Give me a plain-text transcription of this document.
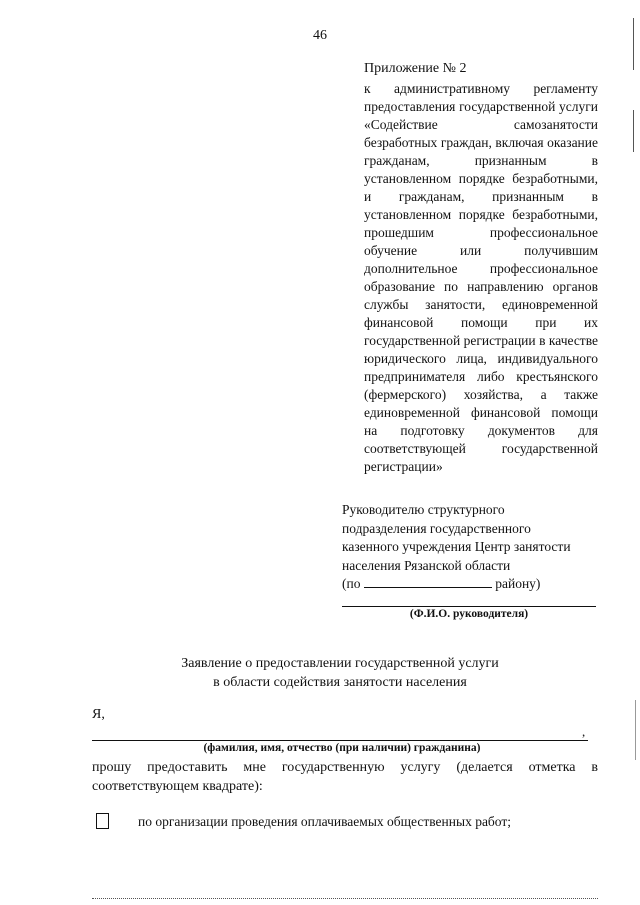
46
Приложение № 2
к административному регламенту предоставления государственной услуги «Содействие самозанятости безработных граждан, включая оказание гражданам, признанным в установленном порядке безработными, и гражданам, признанным в установленном порядке безработными, прошедшим профессиональное обучение или получившим дополнительное профессиональное образование по направлению органов службы занятости, единовременной финансовой помощи при их государственной регистрации в качестве юридического лица, индивидуального предпринимателя либо крестьянского (фермерского) хозяйства, а также единовременной финансовой помощи на подготовку документов для соответствующей государственной регистрации»
Руководителю структурного
подразделения государственного
казенного учреждения Центр занятости
населения Рязанской области
(по	району)
(Ф.И.О. руководителя)
Заявление о предоставлении государственной услуги
в области содействия занятости населения
Я,
,
(фамилия, имя, отчество (при наличии) гражданина)
прошу предоставить мне государственную услугу (делается отметка в соответствующем квадрате):
по организации проведения оплачиваемых общественных работ;
